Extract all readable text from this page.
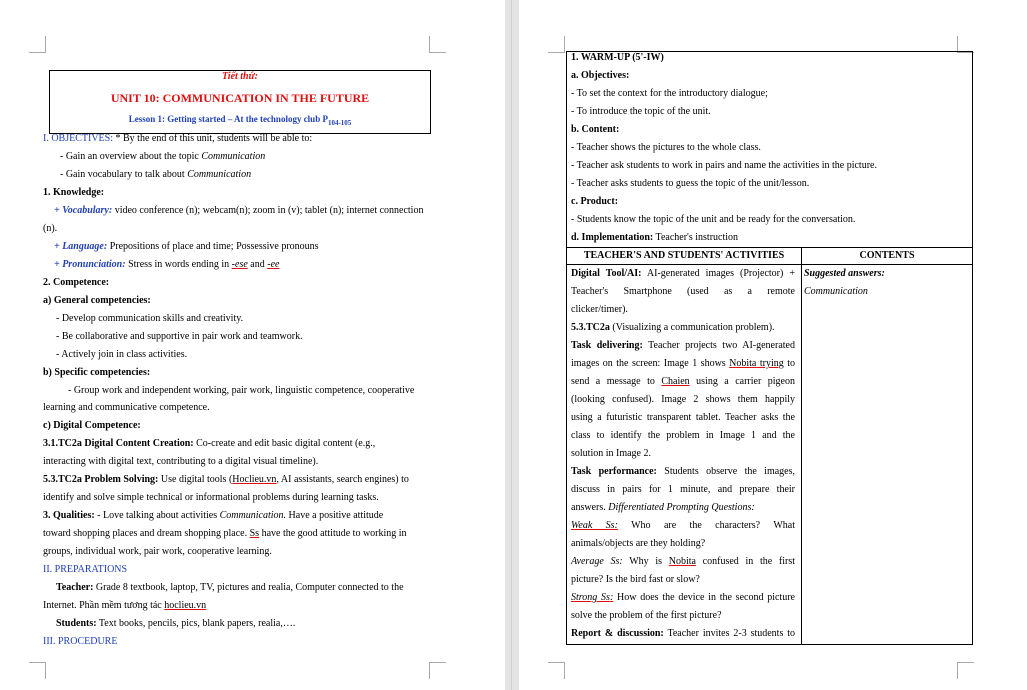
Tiết thứ:
UNIT 10: COMMUNICATION IN THE FUTURE
Lesson 1: Getting started – At the technology club $P_{104-105}$
I. OBJECTIVES: * By the end of this unit, students will be able to:
- Gain an overview about the topic Communication
- Gain vocabulary to talk about Communication
1. Knowledge:
+ Vocabulary: video conference (n); webcam(n); zoom in (v); tablet (n); internet connection
(n).
+ Language: Prepositions of place and time; Possessive pronouns
+ Pronunciation: Stress in words ending in -ese and -ee
2. Competence:
a) General competencies:
- Develop communication skills and creativity.
- Be collaborative and supportive in pair work and teamwork.
- Actively join in class activities.
b) Specific competencies:
- Group work and independent working, pair work, linguistic competence, cooperative
learning and communicative competence.
c) Digital Competence:
3.1.TC2a Digital Content Creation: Co-create and edit basic digital content (e.g.,
interacting with digital text, contributing to a digital visual timeline).
5.3.TC2a Problem Solving: Use digital tools (Hoclieu.vn, AI assistants, search engines) to
identify and solve simple technical or informational problems during learning tasks.
3. Qualities: - Love talking about activities Communication. Have a positive attitude
toward shopping places and dream shopping place. Ss have the good attitude to working in
groups, individual work, pair work, cooperative learning.
II. PREPARATIONS
Teacher: Grade 8 textbook, laptop, TV, pictures and realia, Computer connected to the
Internet. Phần mềm tương tác hoclieu.vn
Students: Text books, pencils, pics, blank papers, realia,….
III. PROCEDURE
1. WARM-UP (5'-IW)
a. Objectives:
- To set the context for the introductory dialogue;
- To introduce the topic of the unit.
b. Content:
- Teacher shows the pictures to the whole class.
- Teacher ask students to work in pairs and name the activities in the picture.
- Teacher asks students to guess the topic of the unit/lesson.
c. Product:
- Students know the topic of the unit and be ready for the conversation.
d. Implementation: Teacher's instruction
TEACHER'S AND STUDENTS' ACTIVITIES	CONTENTS
Digital Tool/AI: AI-generated images (Projector) +
Teacher's Smartphone (used as a remote
clicker/timer).
5.3.TC2a (Visualizing a communication problem).
Task delivering: Teacher projects two AI-generated
images on the screen: Image 1 shows Nobita trying to
send a message to Chaien using a carrier pigeon
(looking confused). Image 2 shows them happily
using a futuristic transparent tablet. Teacher asks the
class to identify the problem in Image 1 and the
solution in Image 2.
Task performance: Students observe the images,
discuss in pairs for 1 minute, and prepare their
answers. Differentiated Prompting Questions:
Weak Ss: Who are the characters? What
animals/objects are they holding?
Average Ss: Why is Nobita confused in the first
picture? Is the bird fast or slow?
Strong Ss: How does the device in the second picture
solve the problem of the first picture?
Report & discussion: Teacher invites 2-3 students to
Suggested answers:
Communication
